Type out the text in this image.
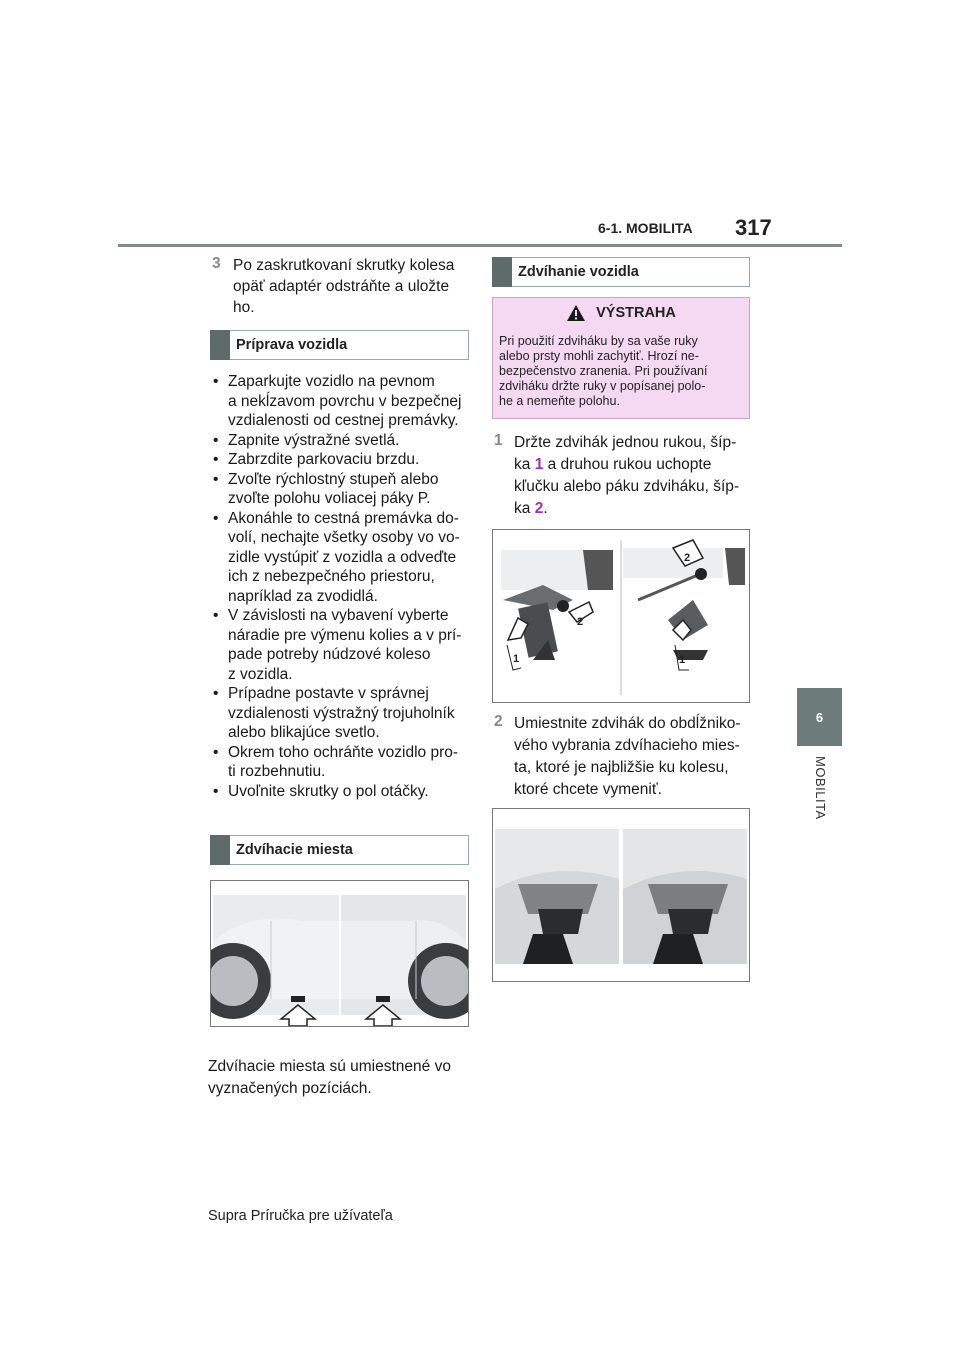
6-1. MOBILITA 317
6
MOBILITA
3 Po zaskrutkovaní skrutky kolesa
opäť adaptér odstráňte a uložte
ho.
Príprava vozidla
• Zaparkujte vozidlo na pevnom
a nekĺzavom povrchu v bezpečnej
vzdialenosti od cestnej premávky.
• Zapnite výstražné svetlá.
• Zabrzdite parkovaciu brzdu.
• Zvoľte rýchlostný stupeň alebo
zvoľte polohu voliacej páky P.
• Akonáhle to cestná premávka do-
volí, nechajte všetky osoby vo vo-
zidle vystúpiť z vozidla a odveďte
ich z nebezpečného priestoru,
napríklad za zvodidlá.
• V závislosti na vybavení vyberte
náradie pre výmenu kolies a v prí-
pade potreby núdzové koleso
z vozidla.
• Prípadne postavte v správnej
vzdialenosti výstražný trojuholník
alebo blikajúce svetlo.
• Okrem toho ochráňte vozidlo pro-
ti rozbehnutiu.
• Uvoľnite skrutky o pol otáčky.
Zdvíhacie miesta
Zdvíhacie miesta sú umiestnené vo
vyznačených pozíciách.
Zdvíhanie vozidla
VÝSTRAHA
Pri použití zdviháku by sa vaše ruky
alebo prsty mohli zachytiť. Hrozí ne-
bezpečenstvo zranenia. Pri používaní
zdviháku držte ruky v popísanej polo-
he a nemeňte polohu.
1 Držte zdvihák jednou rukou, šíp-
ka 1 a druhou rukou uchopte
kľučku alebo páku zdviháku, šíp-
ka 2.
1
2
2
1
2 Umiestnite zdvihák do obdĺžniko-
vého vybrania zdvíhacieho mies-
ta, ktoré je najbližšie ku kolesu,
ktoré chcete vymeniť.
Supra Príručka pre užívateľa
